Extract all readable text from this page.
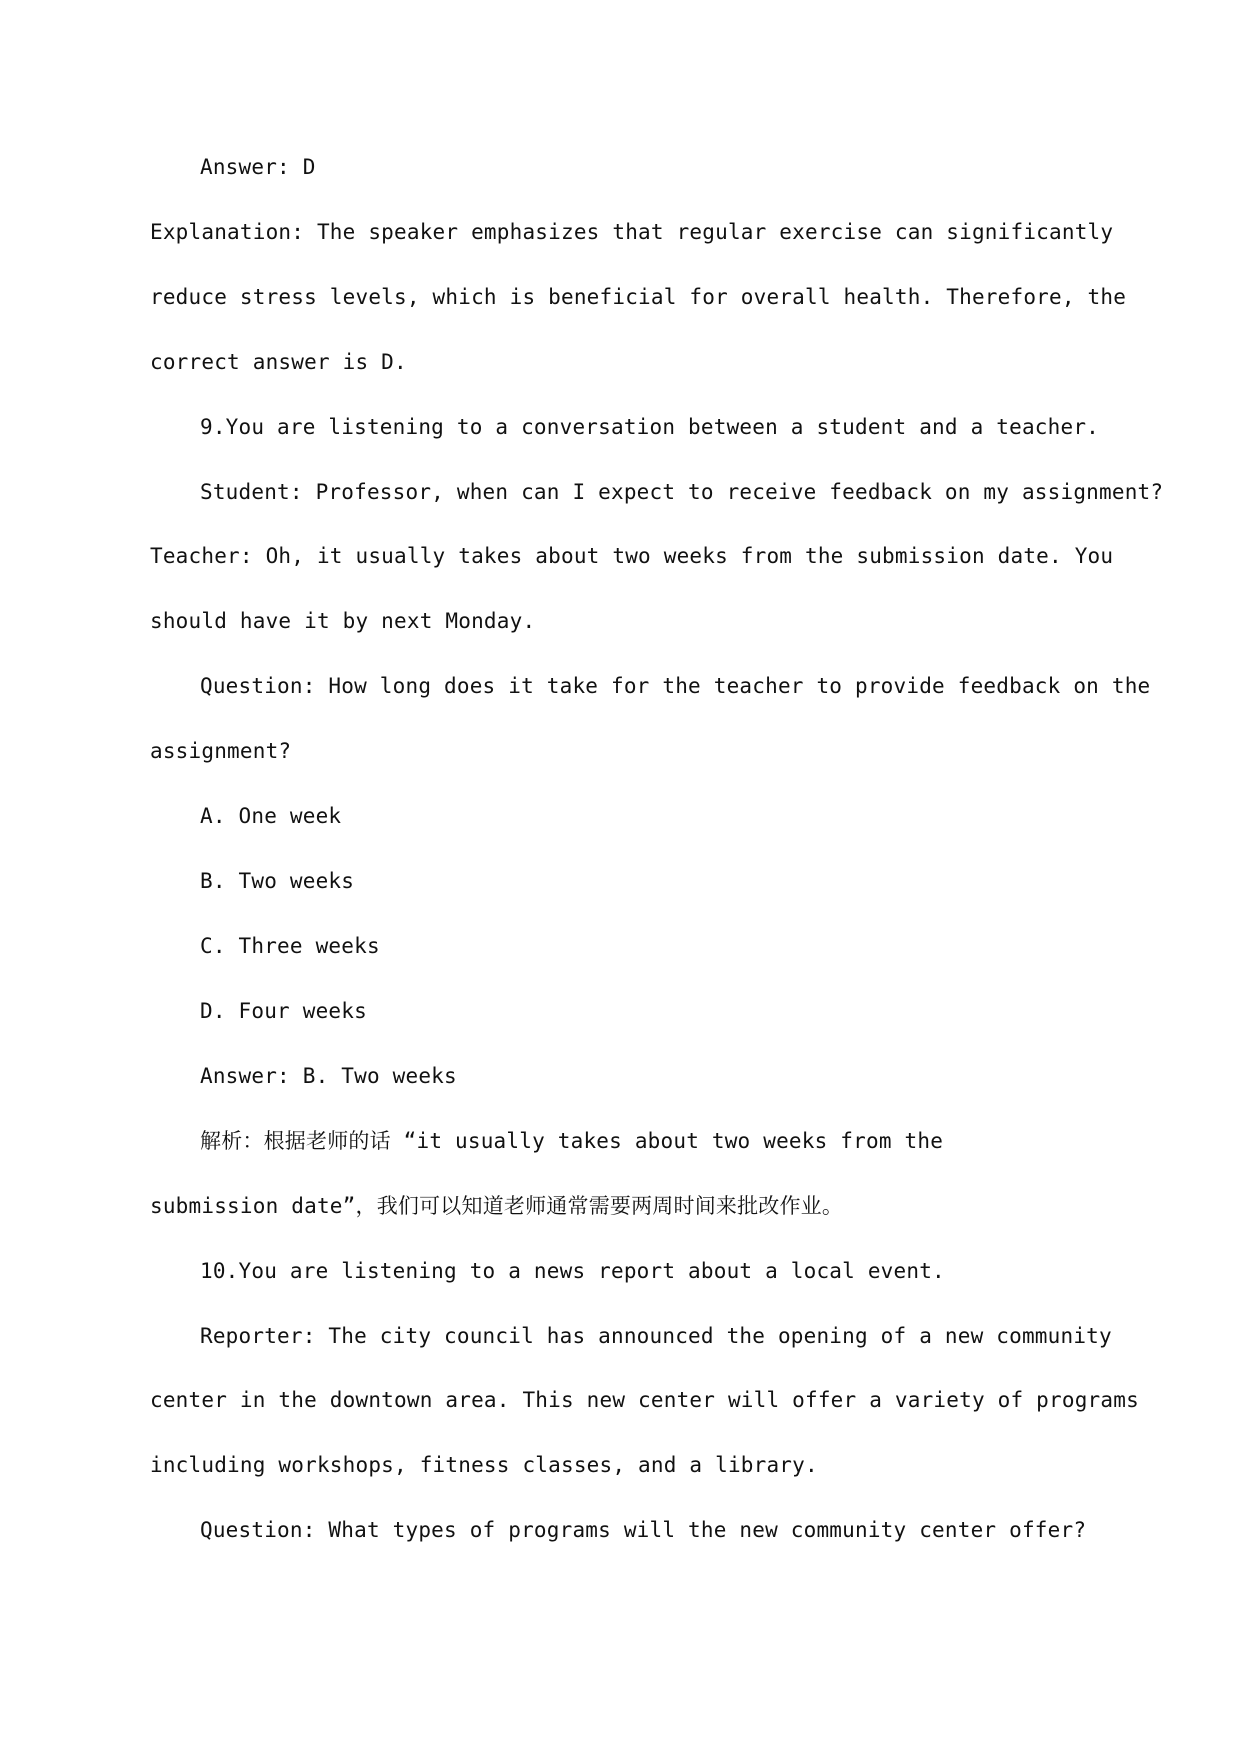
Answer: D
Explanation: The speaker emphasizes that regular exercise can significantly
reduce stress levels, which is beneficial for overall health. Therefore, the
correct answer is D.
9.You are listening to a conversation between a student and a teacher.
Student: Professor, when can I expect to receive feedback on my assignment?
Teacher: Oh, it usually takes about two weeks from the submission date. You
should have it by next Monday.
Question: How long does it take for the teacher to provide feedback on the
assignment?
A. One week
B. Two weeks
C. Three weeks
D. Four weeks
Answer: B. Two weeks
解析：根据老师的话 “it usually takes about two weeks from the
submission date”，我们可以知道老师通常需要两周时间来批改作业。
10.You are listening to a news report about a local event.
Reporter: The city council has announced the opening of a new community
center in the downtown area. This new center will offer a variety of programs
including workshops, fitness classes, and a library.
Question: What types of programs will the new community center offer?
